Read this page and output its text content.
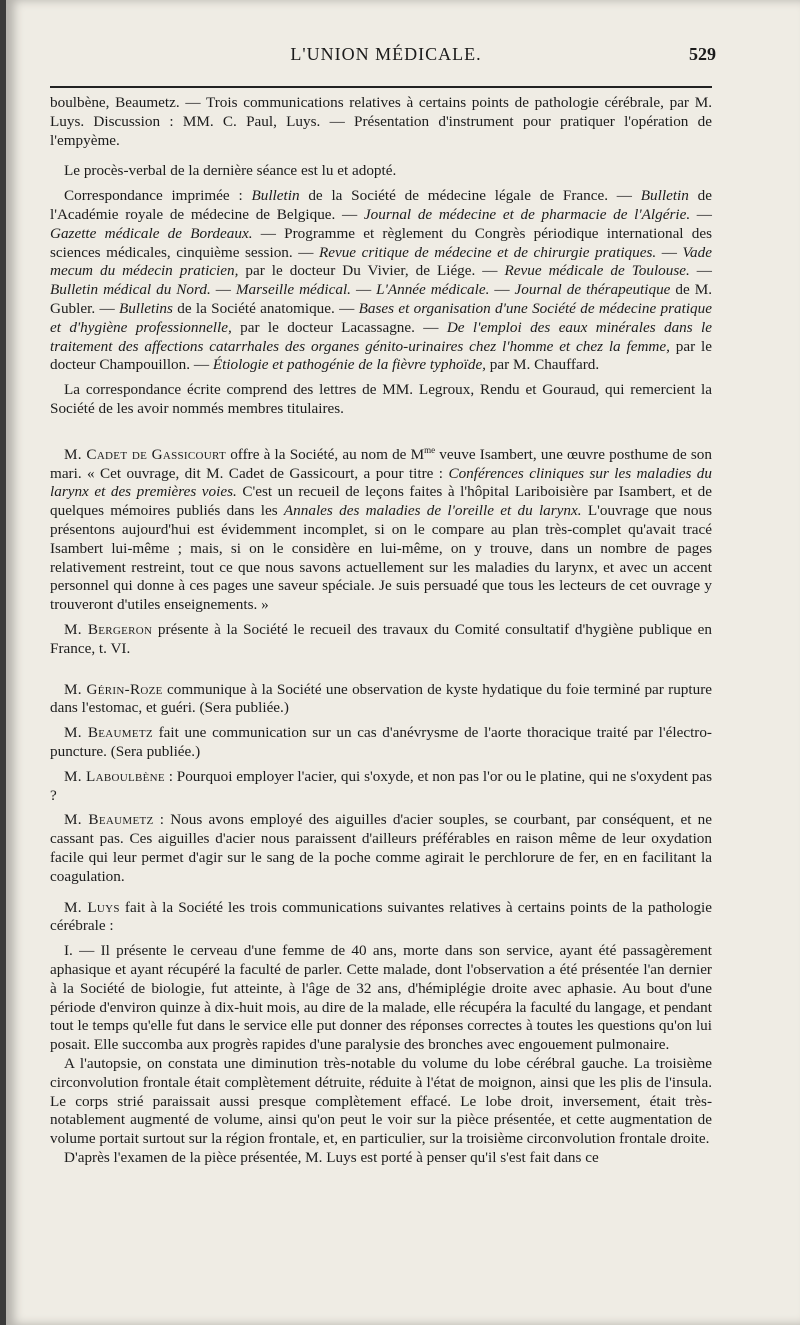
L'UNION MÉDICALE.	529

boulbène, Beaumetz. — Trois communications relatives à certains points de pathologie cérébrale, par M. Luys. Discussion : MM. C. Paul, Luys. — Présentation d'instrument pour pratiquer l'opération de l'empyème.

Le procès-verbal de la dernière séance est lu et adopté.

Correspondance imprimée : Bulletin de la Société de médecine légale de France. — Bulletin de l'Académie royale de médecine de Belgique. — Journal de médecine et de pharmacie de l'Algérie. — Gazette médicale de Bordeaux. — Programme et règlement du Congrès périodique international des sciences médicales, cinquième session. — Revue critique de médecine et de chirurgie pratiques. — Vade mecum du médecin praticien, par le docteur Du Vivier, de Liége. — Revue médicale de Toulouse. — Bulletin médical du Nord. — Marseille médical. — L'Année médicale. — Journal de thérapeutique de M. Gubler. — Bulletins de la Société anatomique. — Bases et organisation d'une Société de médecine pratique et d'hygiène professionnelle, par le docteur Lacassagne. — De l'emploi des eaux minérales dans le traitement des affections catarrhales des organes génito-urinaires chez l'homme et chez la femme, par le docteur Champouillon. — Étiologie et pathogénie de la fièvre typhoïde, par M. Chauffard.

La correspondance écrite comprend des lettres de MM. Legroux, Rendu et Gouraud, qui remercient la Société de les avoir nommés membres titulaires.

M. Cadet de Gassicourt offre à la Société, au nom de $M^{me}$ veuve Isambert, une œuvre posthume de son mari. « Cet ouvrage, dit M. Cadet de Gassicourt, a pour titre : Conférences cliniques sur les maladies du larynx et des premières voies. C'est un recueil de leçons faites à l'hôpital Lariboisière par Isambert, et de quelques mémoires publiés dans les Annales des maladies de l'oreille et du larynx. L'ouvrage que nous présentons aujourd'hui est évidemment incomplet, si on le compare au plan très-complet qu'avait tracé Isambert lui-même ; mais, si on le considère en lui-même, on y trouve, dans un nombre de pages relativement restreint, tout ce que nous savons actuellement sur les maladies du larynx, et avec un accent personnel qui donne à ces pages une saveur spéciale. Je suis persuadé que tous les lecteurs de cet ouvrage y trouveront d'utiles enseignements. »

M. Bergeron présente à la Société le recueil des travaux du Comité consultatif d'hygiène publique en France, t. VI.

M. Gérin-Roze communique à la Société une observation de kyste hydatique du foie terminé par rupture dans l'estomac, et guéri. (Sera publiée.)

M. Beaumetz fait une communication sur un cas d'anévrysme de l'aorte thoracique traité par l'électro-puncture. (Sera publiée.)

M. Laboulbène : Pourquoi employer l'acier, qui s'oxyde, et non pas l'or ou le platine, qui ne s'oxydent pas ?

M. Beaumetz : Nous avons employé des aiguilles d'acier souples, se courbant, par conséquent, et ne cassant pas. Ces aiguilles d'acier nous paraissent d'ailleurs préférables en raison même de leur oxydation facile qui leur permet d'agir sur le sang de la poche comme agirait le perchlorure de fer, en en facilitant la coagulation.

M. Luys fait à la Société les trois communications suivantes relatives à certains points de la pathologie cérébrale :

I. — Il présente le cerveau d'une femme de 40 ans, morte dans son service, ayant été passagèrement aphasique et ayant récupéré la faculté de parler. Cette malade, dont l'observation a été présentée l'an dernier à la Société de biologie, fut atteinte, à l'âge de 32 ans, d'hémiplégie droite avec aphasie. Au bout d'une période d'environ quinze à dix-huit mois, au dire de la malade, elle récupéra la faculté du langage, et pendant tout le temps qu'elle fut dans le service elle put donner des réponses correctes à toutes les questions qu'on lui posait. Elle succomba aux progrès rapides d'une paralysie des bronches avec engouement pulmonaire.

A l'autopsie, on constata une diminution très-notable du volume du lobe cérébral gauche. La troisième circonvolution frontale était complètement détruite, réduite à l'état de moignon, ainsi que les plis de l'insula. Le corps strié paraissait aussi presque complètement effacé. Le lobe droit, inversement, était très-notablement augmenté de volume, ainsi qu'on peut le voir sur la pièce présentée, et cette augmentation de volume portait surtout sur la région frontale, et, en particulier, sur la troisième circonvolution frontale droite.

D'après l'examen de la pièce présentée, M. Luys est porté à penser qu'il s'est fait dans ce
